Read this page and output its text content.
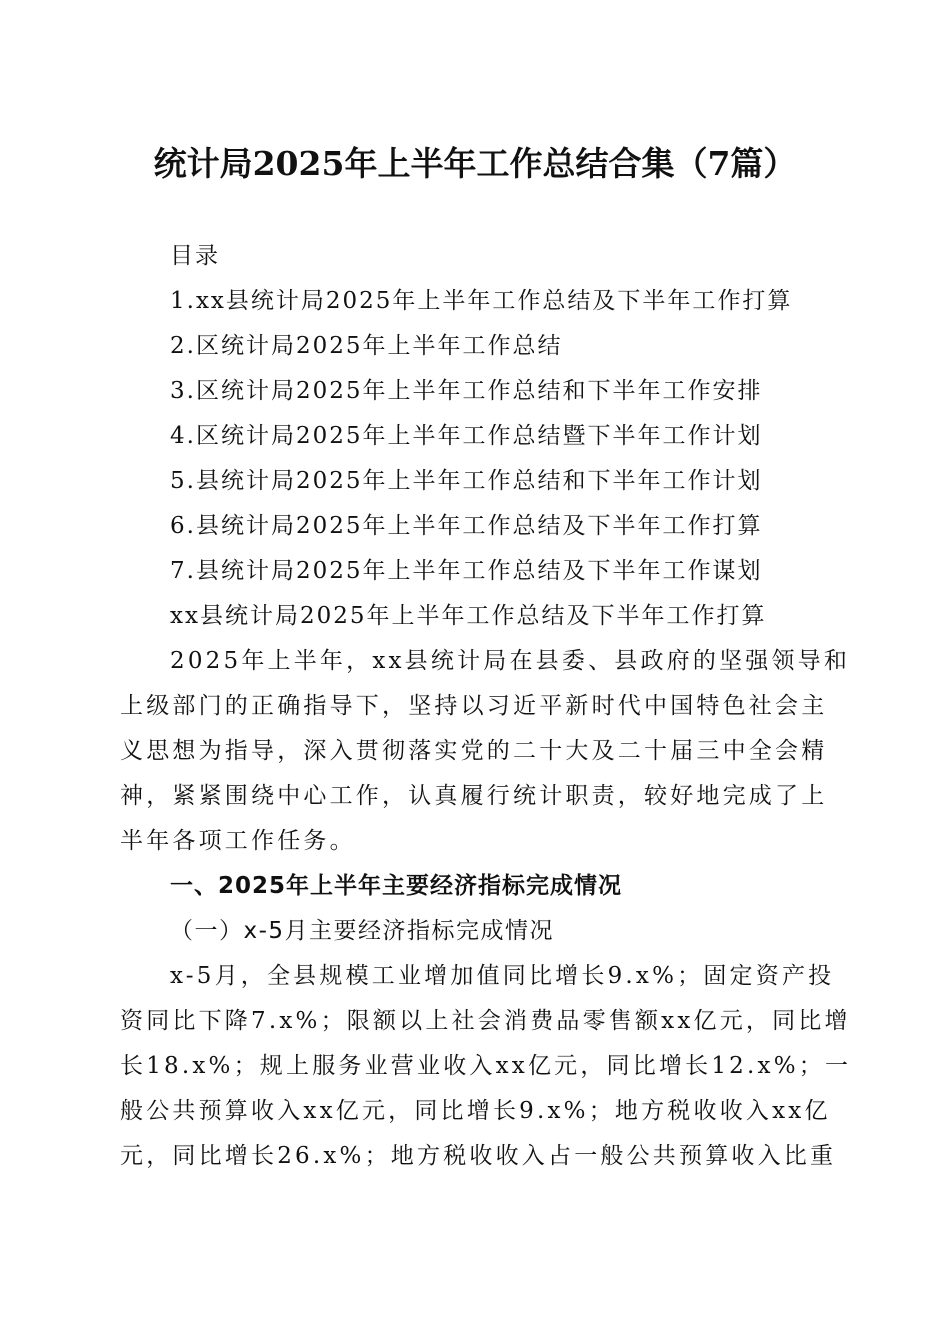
统计局2025年上半年工作总结合集（7篇）
目录
1.xx县统计局2025年上半年工作总结及下半年工作打算
2.区统计局2025年上半年工作总结
3.区统计局2025年上半年工作总结和下半年工作安排
4.区统计局2025年上半年工作总结暨下半年工作计划
5.县统计局2025年上半年工作总结和下半年工作计划
6.县统计局2025年上半年工作总结及下半年工作打算
7.县统计局2025年上半年工作总结及下半年工作谋划
xx县统计局2025年上半年工作总结及下半年工作打算
2025年上半年，xx县统计局在县委、县政府的坚强领导和
上级部门的正确指导下，坚持以习近平新时代中国特色社会主
义思想为指导，深入贯彻落实党的二十大及二十届三中全会精
神，紧紧围绕中心工作，认真履行统计职责，较好地完成了上
半年各项工作任务。
一、2025年上半年主要经济指标完成情况
（一）x-5月主要经济指标完成情况
x-5月，全县规模工业增加值同比增长9.x%；固定资产投
资同比下降7.x%；限额以上社会消费品零售额xx亿元，同比增
长18.x%；规上服务业营业收入xx亿元，同比增长12.x%；一
般公共预算收入xx亿元，同比增长9.x%；地方税收收入xx亿
元，同比增长26.x%；地方税收收入占一般公共预算收入比重
